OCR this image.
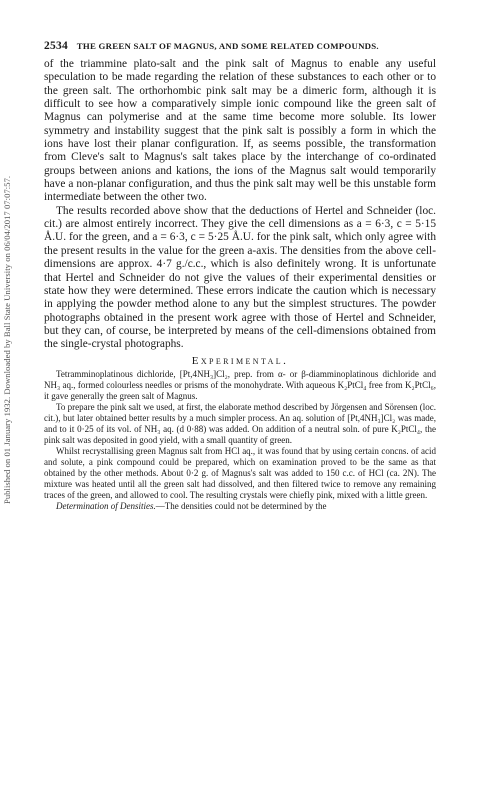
Published on 01 January 1932. Downloaded by Ball State University on 06/04/2017 07:07:57.
2534 THE GREEN SALT OF MAGNUS, AND SOME RELATED COMPOUNDS.

of the triammine plato-salt and the pink salt of Magnus to enable any useful speculation to be made regarding the relation of these substances to each other or to the green salt. The orthorhombic pink salt may be a dimeric form, although it is difficult to see how a comparatively simple ionic compound like the green salt of Magnus can polymerise and at the same time become more soluble. Its lower symmetry and instability suggest that the pink salt is possibly a form in which the ions have lost their planar configuration. If, as seems possible, the transformation from Cleve's salt to Magnus's salt takes place by the interchange of co-ordinated groups between anions and kations, the ions of the Magnus salt would temporarily have a non-planar configuration, and thus the pink salt may well be this unstable form intermediate between the other two.

The results recorded above show that the deductions of Hertel and Schneider (loc. cit.) are almost entirely incorrect. They give the cell dimensions as a = 6·3, c = 5·15 Å.U. for the green, and a = 6·3, c = 5·25 Å.U. for the pink salt, which only agree with the present results in the value for the green a-axis. The densities from the above cell-dimensions are approx. 4·7 g./c.c., which is also definitely wrong. It is unfortunate that Hertel and Schneider do not give the values of their experimental densities or state how they were determined. These errors indicate the caution which is necessary in applying the powder method alone to any but the simplest structures. The powder photographs obtained in the present work agree with those of Hertel and Schneider, but they can, of course, be interpreted by means of the cell-dimensions obtained from the single-crystal photographs.

Experimental.

Tetramminoplatinous dichloride, [Pt,4NH₃]Cl₂, prep. from α- or β-diamminoplatinous dichloride and NH₃ aq., formed colourless needles or prisms of the monohydrate. With aqueous K₂PtCl₄ free from K₂PtCl₆, it gave generally the green salt of Magnus.

To prepare the pink salt we used, at first, the elaborate method described by Jörgensen and Sörensen (loc. cit.), but later obtained better results by a much simpler process. An aq. solution of [Pt,4NH₃]Cl₂ was made, and to it 0·25 of its vol. of NH₃ aq. (d 0·88) was added. On addition of a neutral soln. of pure K₂PtCl₄, the pink salt was deposited in good yield, with a small quantity of green.

Whilst recrystallising green Magnus salt from HCl aq., it was found that by using certain concns. of acid and solute, a pink compound could be prepared, which on examination proved to be the same as that obtained by the other methods. About 0·2 g. of Magnus's salt was added to 150 c.c. of HCl (ca. 2N). The mixture was heated until all the green salt had dissolved, and then filtered twice to remove any remaining traces of the green, and allowed to cool. The resulting crystals were chiefly pink, mixed with a little green.

Determination of Densities.—The densities could not be determined by the
